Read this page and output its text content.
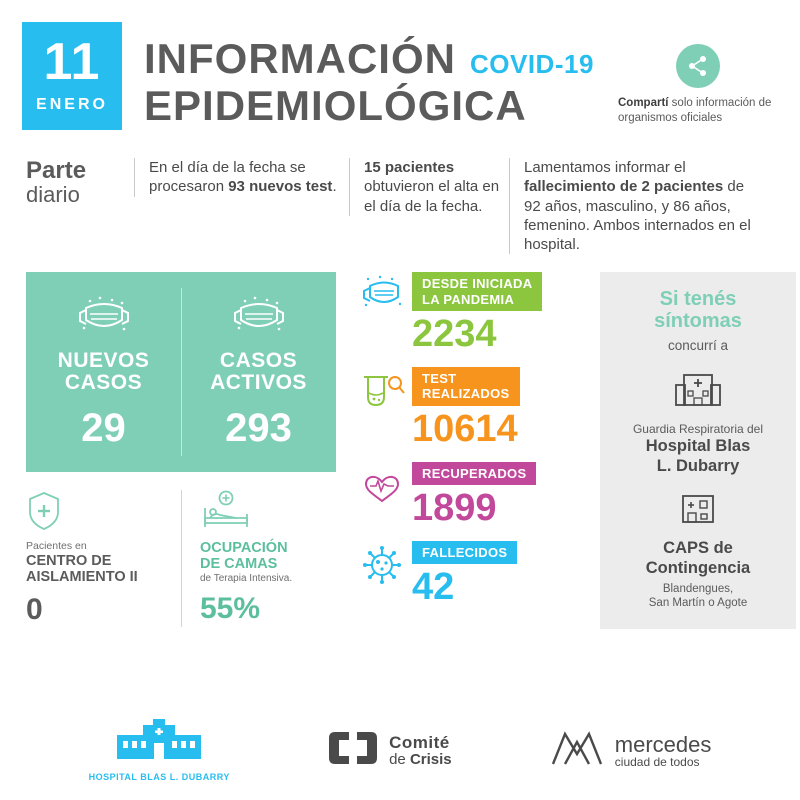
11
ENERO
INFORMACIÓN COVID-19
EPIDEMIOLÓGICA	Compartí solo información de organismos oficiales
Parte
diario
En el día de la fecha se procesaron 93 nuevos test.
15 pacientes obtuvieron el alta en el día de la fecha.
Lamentamos informar el fallecimiento de 2 pacientes de 92 años, masculino, y 86 años, femenino. Ambos internados en el hospital.
NUEVOS
CASOS
29
CASOS
ACTIVOS
293
Pacientes en
CENTRO DE
AISLAMIENTO II
0
OCUPACIÓN
DE CAMAS
de Terapia Intensiva.
55%
DESDE INICIADA
LA PANDEMIA
2234
TEST
REALIZADOS
10614
RECUPERADOS
1899
FALLECIDOS
42
Si tenés
síntomas
concurrí a
Guardia Respiratoria del
Hospital Blas
L. Dubarry
CAPS de
Contingencia
Blandengues,
San Martín o Agote
HOSPITAL BLAS L. DUBARRY
Comité
de Crisis
mercedes
ciudad de todos
